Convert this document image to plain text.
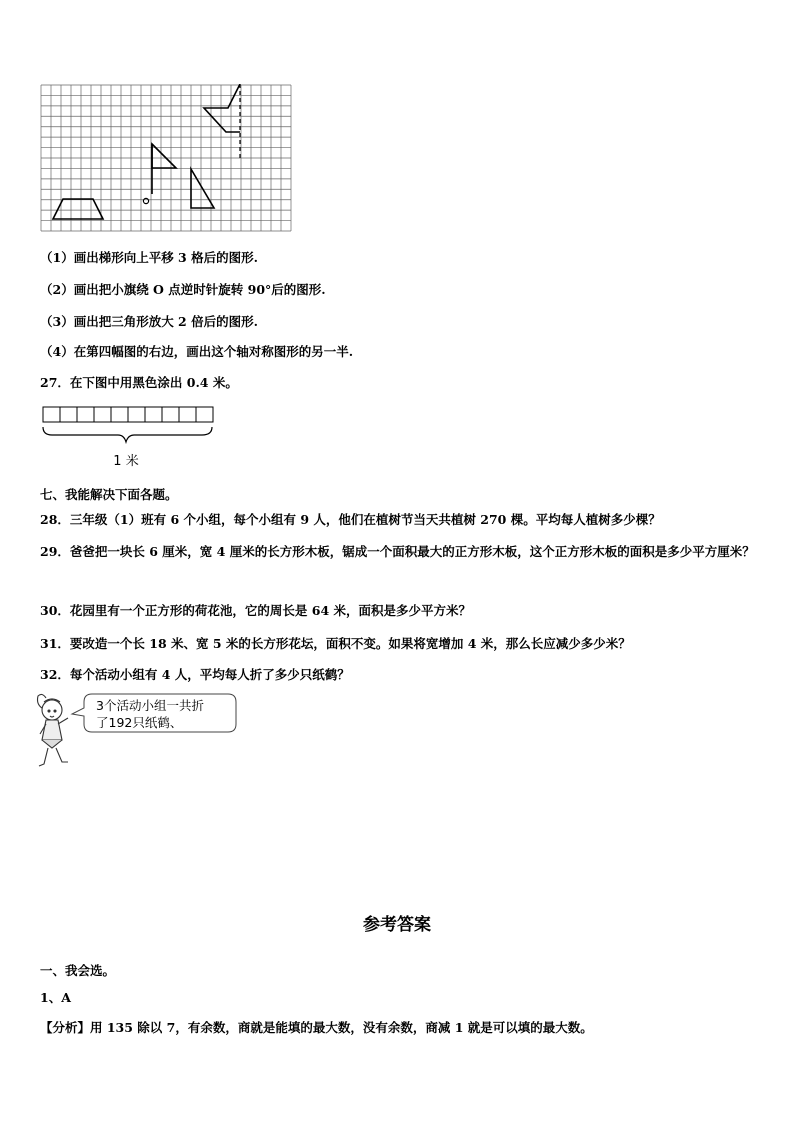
（1）画出梯形向上平移 3 格后的图形.
（2）画出把小旗绕 O 点逆时针旋转 90°后的图形.
（3）画出把三角形放大 2 倍后的图形.
（4）在第四幅图的右边，画出这个轴对称图形的另一半.
27．在下图中用黑色涂出 0.4 米。
1 米
七、我能解决下面各题。
28．三年级（1）班有 6 个小组，每个小组有 9 人，他们在植树节当天共植树 270 棵。平均每人植树多少棵？
29．爸爸把一块长 6 厘米，宽 4 厘米的长方形木板，锯成一个面积最大的正方形木板，这个正方形木板的面积是多少平方厘米？
30．花园里有一个正方形的荷花池，它的周长是 64 米，面积是多少平方米？
31．要改造一个长 18 米、宽 5 米的长方形花坛，面积不变。如果将宽增加 4 米，那么长应减少多少米？
32．每个活动小组有 4 人，平均每人折了多少只纸鹤？
3个活动小组一共折
了192只纸鹤、
参考答案
一、我会选。
1、A
【分析】用 135 除以 7，有余数，商就是能填的最大数，没有余数，商减 1 就是可以填的最大数。
